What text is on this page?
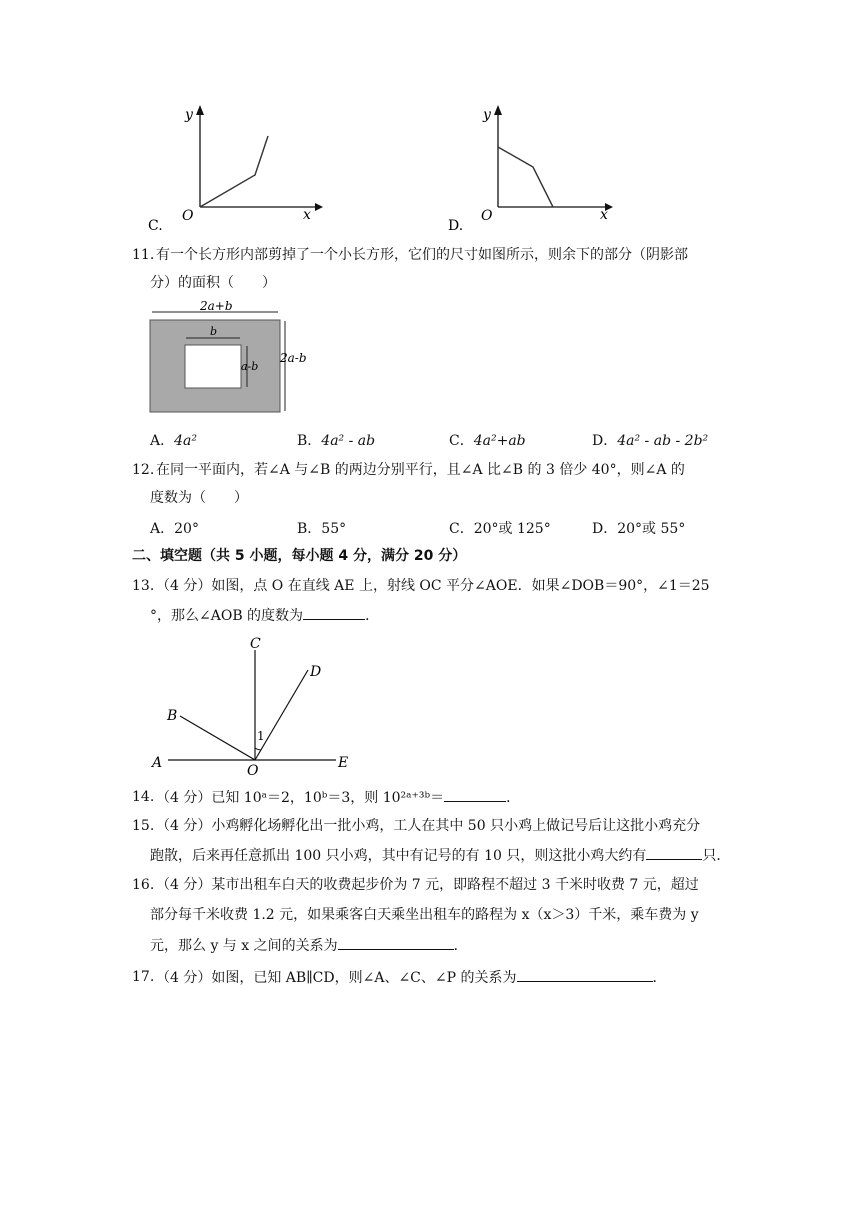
y
x
O
C.
y
x
O
D.
11. 有一个长方形内部剪掉了一个小长方形，它们的尺寸如图所示，则余下的部分（阴影部
分）的面积（　　）
2a+b
b
a-b
2a-b
A．4a²	B．4a² - ab	C．4a²+ab	D．4a² - ab - 2b²
12. 在同一平面内，若∠A 与∠B 的两边分别平行，且∠A 比∠B 的 3 倍少 40°，则∠A 的
度数为（　　）
A．20°	B．55°	C．20°或 125°	D．20°或 55°
二、填空题（共 5 小题，每小题 4 分，满分 20 分）
13. （4 分）如图，点 O 在直线 AE 上，射线 OC 平分∠AOE．如果∠DOB＝90°，∠1＝25
°，那么∠AOB 的度数为	．
C
D
B
A	O	E
1
14. （4 分）已知 10ᵃ＝2，10ᵇ＝3，则 10²ᵃ⁺³ᵇ＝	．
15. （4 分）小鸡孵化场孵化出一批小鸡，工人在其中 50 只小鸡上做记号后让这批小鸡充分
跑散，后来再任意抓出 100 只小鸡，其中有记号的有 10 只，则这批小鸡大约有	只．
16. （4 分）某市出租车白天的收费起步价为 7 元，即路程不超过 3 千米时收费 7 元，超过
部分每千米收费 1.2 元，如果乘客白天乘坐出租车的路程为 x（x＞3）千米，乘车费为 y
元，那么 y 与 x 之间的关系为	．
17. （4 分）如图，已知 AB∥CD，则∠A、∠C、∠P 的关系为	．
